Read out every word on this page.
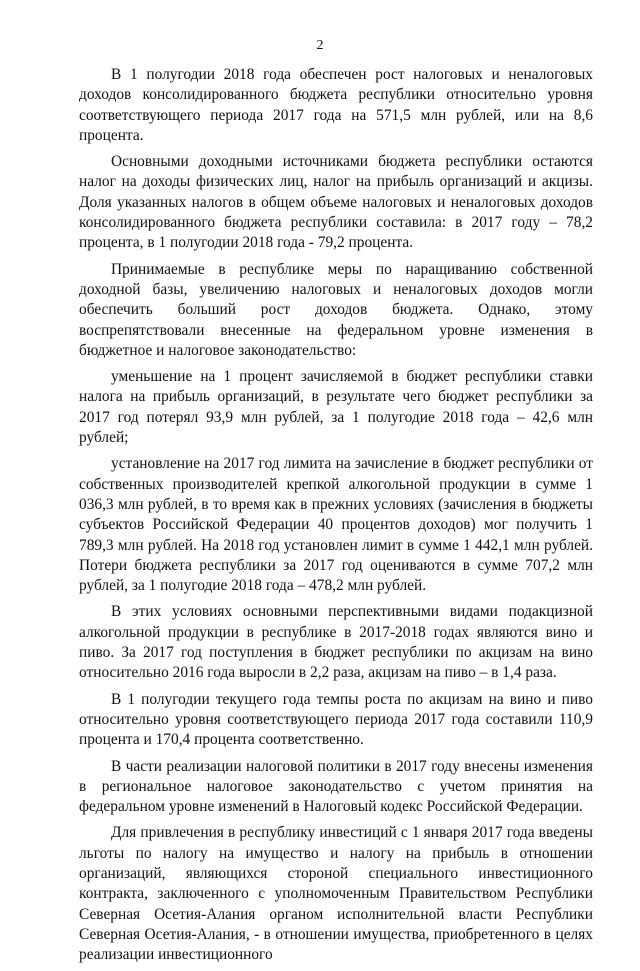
2

В 1 полугодии 2018 года обеспечен рост налоговых и неналоговых доходов консолидированного бюджета республики относительно уровня соответствующего периода 2017 года на 571,5 млн рублей, или на 8,6 процента.

Основными доходными источниками бюджета республики остаются налог на доходы физических лиц, налог на прибыль организаций и акцизы. Доля указанных налогов в общем объеме налоговых и неналоговых доходов консолидированного бюджета республики составила: в 2017 году – 78,2 процента, в 1 полугодии 2018 года - 79,2 процента.

Принимаемые в республике меры по наращиванию собственной доходной базы, увеличению налоговых и неналоговых доходов могли обеспечить больший рост доходов бюджета. Однако, этому воспрепятствовали внесенные на федеральном уровне изменения в бюджетное и налоговое законодательство:

уменьшение на 1 процент зачисляемой в бюджет республики ставки налога на прибыль организаций, в результате чего бюджет республики за 2017 год потерял 93,9 млн рублей, за 1 полугодие 2018 года – 42,6 млн рублей;

установление на 2017 год лимита на зачисление в бюджет республики от собственных производителей крепкой алкогольной продукции в сумме 1 036,3 млн рублей, в то время как в прежних условиях (зачисления в бюджеты субъектов Российской Федерации 40 процентов доходов) мог получить 1 789,3 млн рублей. На 2018 год установлен лимит в сумме 1 442,1 млн рублей. Потери бюджета республики за 2017 год оцениваются в сумме 707,2 млн рублей, за 1 полугодие 2018 года – 478,2 млн рублей.

В этих условиях основными перспективными видами подакцизной алкогольной продукции в республике в 2017-2018 годах являются вино и пиво. За 2017 год поступления в бюджет республики по акцизам на вино относительно 2016 года выросли в 2,2 раза, акцизам на пиво – в 1,4 раза.

В 1 полугодии текущего года темпы роста по акцизам на вино и пиво относительно уровня соответствующего периода 2017 года составили 110,9 процента и 170,4 процента соответственно.

В части реализации налоговой политики в 2017 году внесены изменения в региональное налоговое законодательство с учетом принятия на федеральном уровне изменений в Налоговый кодекс Российской Федерации.

Для привлечения в республику инвестиций с 1 января 2017 года введены льготы по налогу на имущество и налогу на прибыль в отношении организаций, являющихся стороной специального инвестиционного контракта, заключенного с уполномоченным Правительством Республики Северная Осетия-Алания органом исполнительной власти Республики Северная Осетия-Алания, - в отношении имущества, приобретенного в целях реализации инвестиционного
